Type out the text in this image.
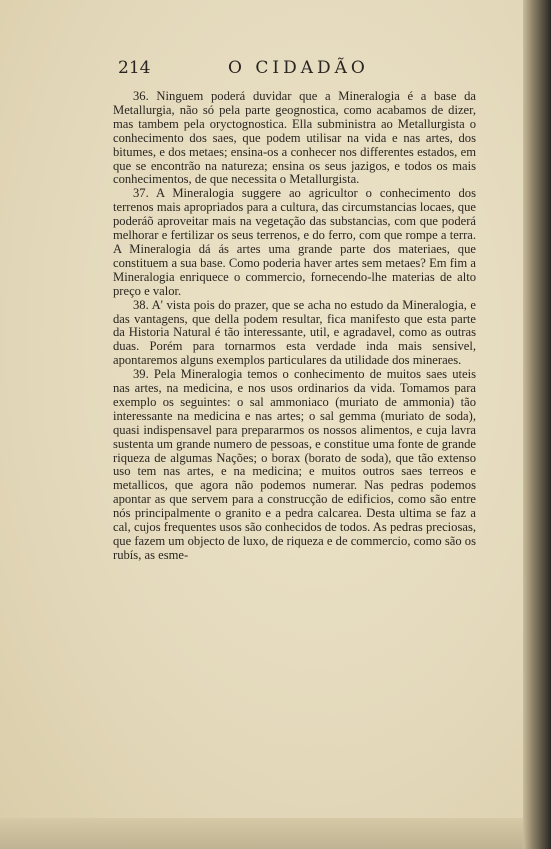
214	O CIDADÃO

36. Ninguem poderá duvidar que a Mineralogia é a base da Metallurgia, não só pela parte geognostica, como acabamos de dizer, mas tambem pela oryctognostica. Ella subministra ao Metallurgista o conhecimento dos saes, que podem utilisar na vida e nas artes, dos bitumes, e dos metaes; ensina-os a conhecer nos differentes estados, em que se encontrão na natureza; ensina os seus jazigos, e todos os mais conhecimentos, de que necessita o Metallurgista.

37. A Mineralogia suggere ao agricultor o conhecimento dos terrenos mais apropriados para a cultura, das circumstancias locaes, que poderáõ aproveitar mais na vegetação das substancias, com que poderá melhorar e fertilizar os seus terrenos, e do ferro, com que rompe a terra. A Mineralogia dá ás artes uma grande parte dos materiaes, que constituem a sua base. Como poderia haver artes sem metaes? Em fim a Mineralogia enriquece o commercio, fornecendo-lhe materias de alto preço e valor.

38. A' vista pois do prazer, que se acha no estudo da Mineralogia, e das vantagens, que della podem resultar, fica manifesto que esta parte da Historia Natural é tão interessante, util, e agradavel, como as outras duas. Porém para tornarmos esta verdade inda mais sensivel, apontaremos alguns exemplos particulares da utilidade dos mineraes.

39. Pela Mineralogia temos o conhecimento de muitos saes uteis nas artes, na medicina, e nos usos ordinarios da vida. Tomamos para exemplo os seguintes: o sal ammoniaco (muriato de ammonia) tão interessante na medicina e nas artes; o sal gemma (muriato de soda), quasi indispensavel para prepararmos os nossos alimentos, e cuja lavra sustenta um grande numero de pessoas, e constitue uma fonte de grande riqueza de algumas Nações; o borax (borato de soda), que tão extenso uso tem nas artes, e na medicina; e muitos outros saes terreos e metallicos, que agora não podemos numerar. Nas pedras podemos apontar as que servem para a construcção de edificios, como são entre nós principalmente o granito e a pedra calcarea. Desta ultima se faz a cal, cujos frequentes usos são conhecidos de todos. As pedras preciosas, que fazem um objecto de luxo, de riqueza e de commercio, como são os rubís, as esme-
